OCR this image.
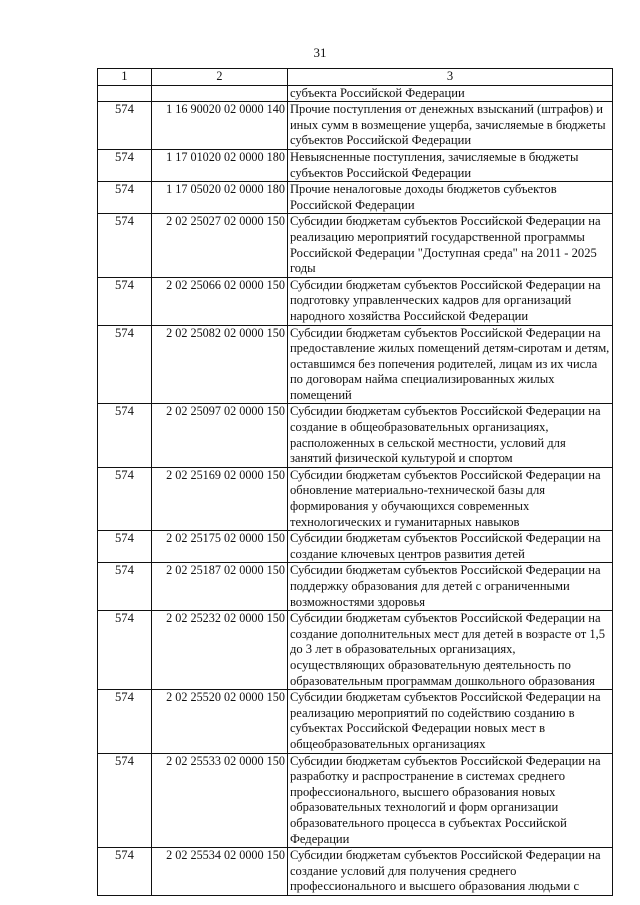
31
1	2	3
		субъекта Российской Федерации
574	1 16 90020 02 0000 140	Прочие поступления от денежных взысканий (штрафов) и иных сумм в возмещение ущерба, зачисляемые в бюджеты субъектов Российской Федерации
574	1 17 01020 02 0000 180	Невыясненные поступления, зачисляемые в бюджеты субъектов Российской Федерации
574	1 17 05020 02 0000 180	Прочие неналоговые доходы бюджетов субъектов Российской Федерации
574	2 02 25027 02 0000 150	Субсидии бюджетам субъектов Российской Федерации на реализацию мероприятий государственной программы Российской Федерации "Доступная среда" на 2011 - 2025 годы
574	2 02 25066 02 0000 150	Субсидии бюджетам субъектов Российской Федерации на подготовку управленческих кадров для организаций народного хозяйства Российской Федерации
574	2 02 25082 02 0000 150	Субсидии бюджетам субъектов Российской Федерации на предоставление жилых помещений детям-сиротам и детям, оставшимся без попечения родителей, лицам из их числа по договорам найма специализированных жилых помещений
574	2 02 25097 02 0000 150	Субсидии бюджетам субъектов Российской Федерации на создание в общеобразовательных организациях, расположенных в сельской местности, условий для занятий физической культурой и спортом
574	2 02 25169 02 0000 150	Субсидии бюджетам субъектов Российской Федерации на обновление материально-технической базы для формирования у обучающихся современных технологических и гуманитарных навыков
574	2 02 25175 02 0000 150	Субсидии бюджетам субъектов Российской Федерации на создание ключевых центров развития детей
574	2 02 25187 02 0000 150	Субсидии бюджетам субъектов Российской Федерации на поддержку образования для детей с ограниченными возможностями здоровья
574	2 02 25232 02 0000 150	Субсидии бюджетам субъектов Российской Федерации на создание дополнительных мест для детей в возрасте от 1,5 до 3 лет в образовательных организациях, осуществляющих образовательную деятельность по образовательным программам дошкольного образования
574	2 02 25520 02 0000 150	Субсидии бюджетам субъектов Российской Федерации на реализацию мероприятий по содействию созданию в субъектах Российской Федерации новых мест в общеобразовательных организациях
574	2 02 25533 02 0000 150	Субсидии бюджетам субъектов Российской Федерации на разработку и распространение в системах среднего профессионального, высшего образования новых образовательных технологий и форм организации образовательного процесса в субъектах Российской Федерации
574	2 02 25534 02 0000 150	Субсидии бюджетам субъектов Российской Федерации на создание условий для получения среднего профессионального и высшего образования людьми с
